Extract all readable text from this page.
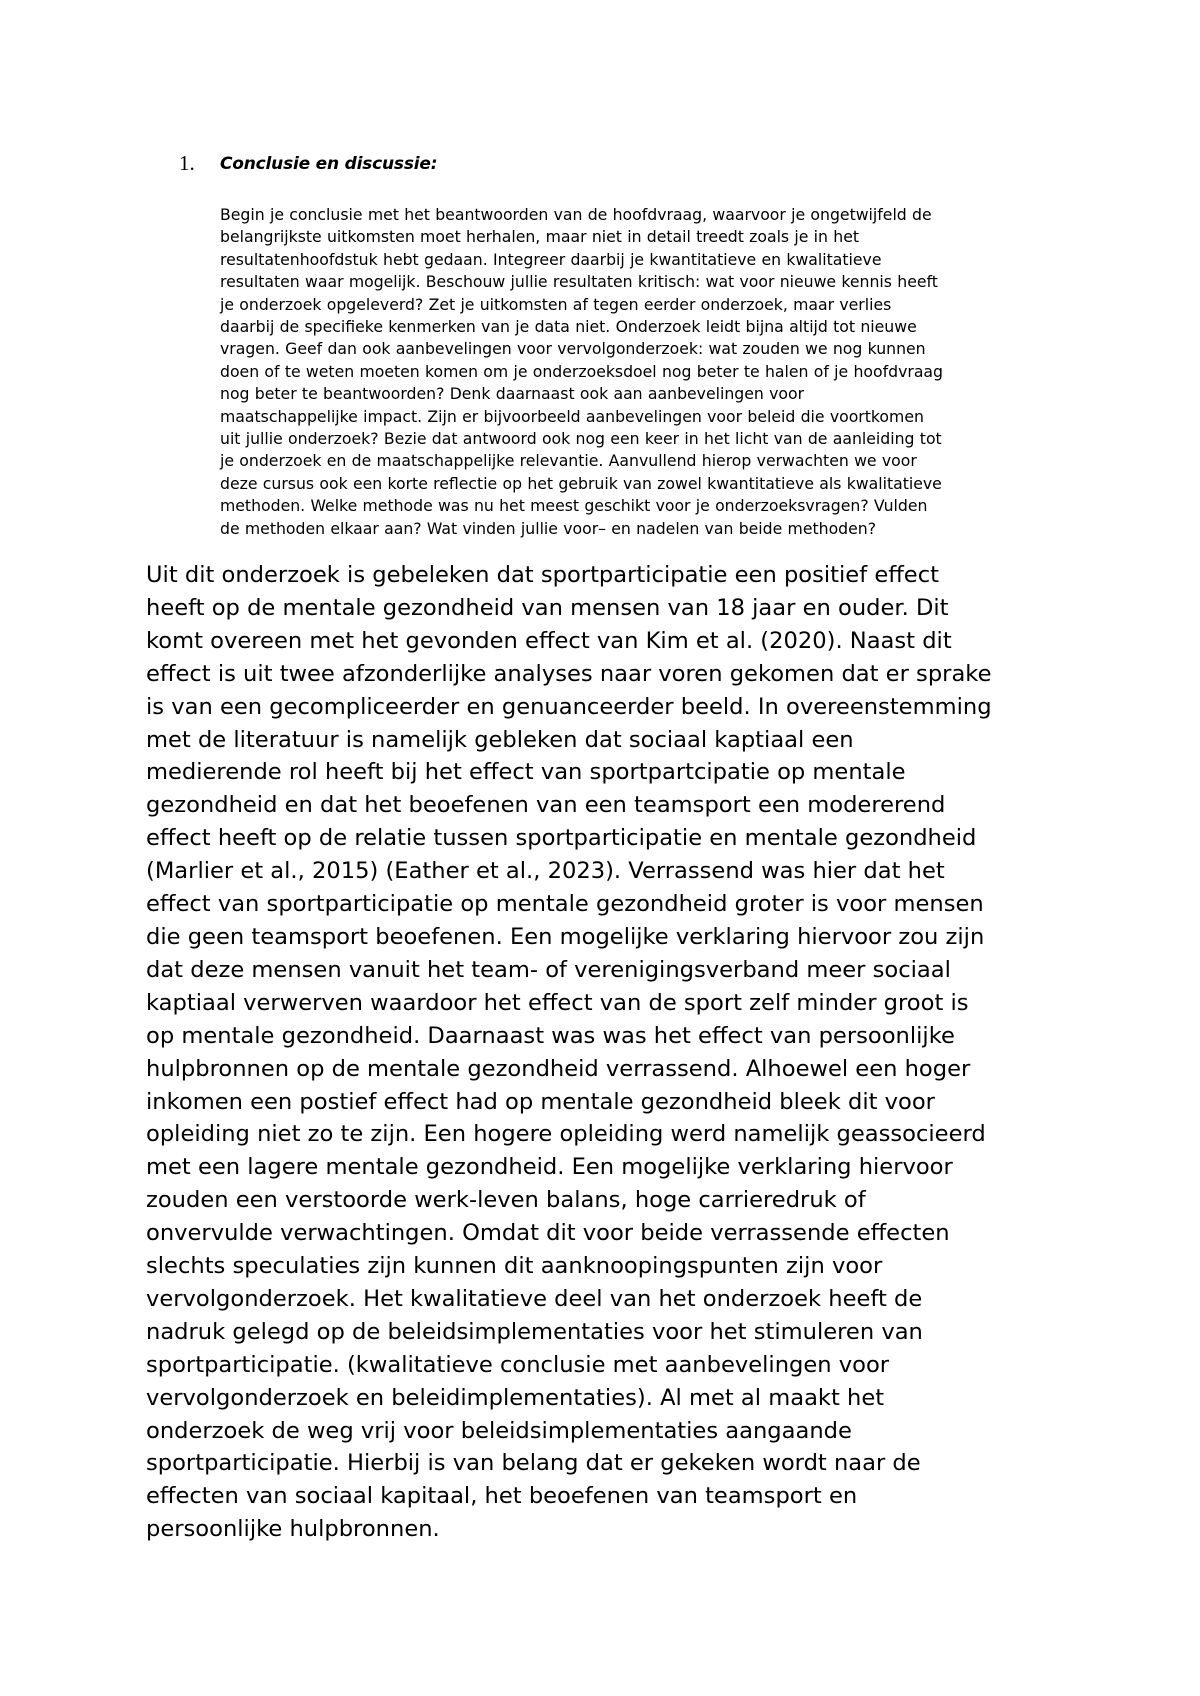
1. Conclusie en discussie:
Begin je conclusie met het beantwoorden van de hoofdvraag, waarvoor je ongetwijfeld de
belangrijkste uitkomsten moet herhalen, maar niet in detail treedt zoals je in het
resultatenhoofdstuk hebt gedaan. Integreer daarbij je kwantitatieve en kwalitatieve
resultaten waar mogelijk. Beschouw jullie resultaten kritisch: wat voor nieuwe kennis heeft
je onderzoek opgeleverd? Zet je uitkomsten af tegen eerder onderzoek, maar verlies
daarbij de specifieke kenmerken van je data niet. Onderzoek leidt bijna altijd tot nieuwe
vragen. Geef dan ook aanbevelingen voor vervolgonderzoek: wat zouden we nog kunnen
doen of te weten moeten komen om je onderzoeksdoel nog beter te halen of je hoofdvraag
nog beter te beantwoorden? Denk daarnaast ook aan aanbevelingen voor
maatschappelijke impact. Zijn er bijvoorbeeld aanbevelingen voor beleid die voortkomen
uit jullie onderzoek? Bezie dat antwoord ook nog een keer in het licht van de aanleiding tot
je onderzoek en de maatschappelijke relevantie. Aanvullend hierop verwachten we voor
deze cursus ook een korte reflectie op het gebruik van zowel kwantitatieve als kwalitatieve
methoden. Welke methode was nu het meest geschikt voor je onderzoeksvragen? Vulden
de methoden elkaar aan? Wat vinden jullie voor– en nadelen van beide methoden?
Uit dit onderzoek is gebeleken dat sportparticipatie een positief effect
heeft op de mentale gezondheid van mensen van 18 jaar en ouder. Dit
komt overeen met het gevonden effect van Kim et al. (2020). Naast dit
effect is uit twee afzonderlijke analyses naar voren gekomen dat er sprake
is van een gecompliceerder en genuanceerder beeld. In overeenstemming
met de literatuur is namelijk gebleken dat sociaal kaptiaal een
medierende rol heeft bij het effect van sportpartcipatie op mentale
gezondheid en dat het beoefenen van een teamsport een modererend
effect heeft op de relatie tussen sportparticipatie en mentale gezondheid
(Marlier et al., 2015) (Eather et al., 2023). Verrassend was hier dat het
effect van sportparticipatie op mentale gezondheid groter is voor mensen
die geen teamsport beoefenen. Een mogelijke verklaring hiervoor zou zijn
dat deze mensen vanuit het team- of verenigingsverband meer sociaal
kaptiaal verwerven waardoor het effect van de sport zelf minder groot is
op mentale gezondheid. Daarnaast was was het effect van persoonlijke
hulpbronnen op de mentale gezondheid verrassend. Alhoewel een hoger
inkomen een postief effect had op mentale gezondheid bleek dit voor
opleiding niet zo te zijn. Een hogere opleiding werd namelijk geassocieerd
met een lagere mentale gezondheid. Een mogelijke verklaring hiervoor
zouden een verstoorde werk-leven balans, hoge carrieredruk of
onvervulde verwachtingen. Omdat dit voor beide verrassende effecten
slechts speculaties zijn kunnen dit aanknoopingspunten zijn voor
vervolgonderzoek. Het kwalitatieve deel van het onderzoek heeft de
nadruk gelegd op de beleidsimplementaties voor het stimuleren van
sportparticipatie. (kwalitatieve conclusie met aanbevelingen voor
vervolgonderzoek en beleidimplementaties). Al met al maakt het
onderzoek de weg vrij voor beleidsimplementaties aangaande
sportparticipatie. Hierbij is van belang dat er gekeken wordt naar de
effecten van sociaal kapitaal, het beoefenen van teamsport en
persoonlijke hulpbronnen.
